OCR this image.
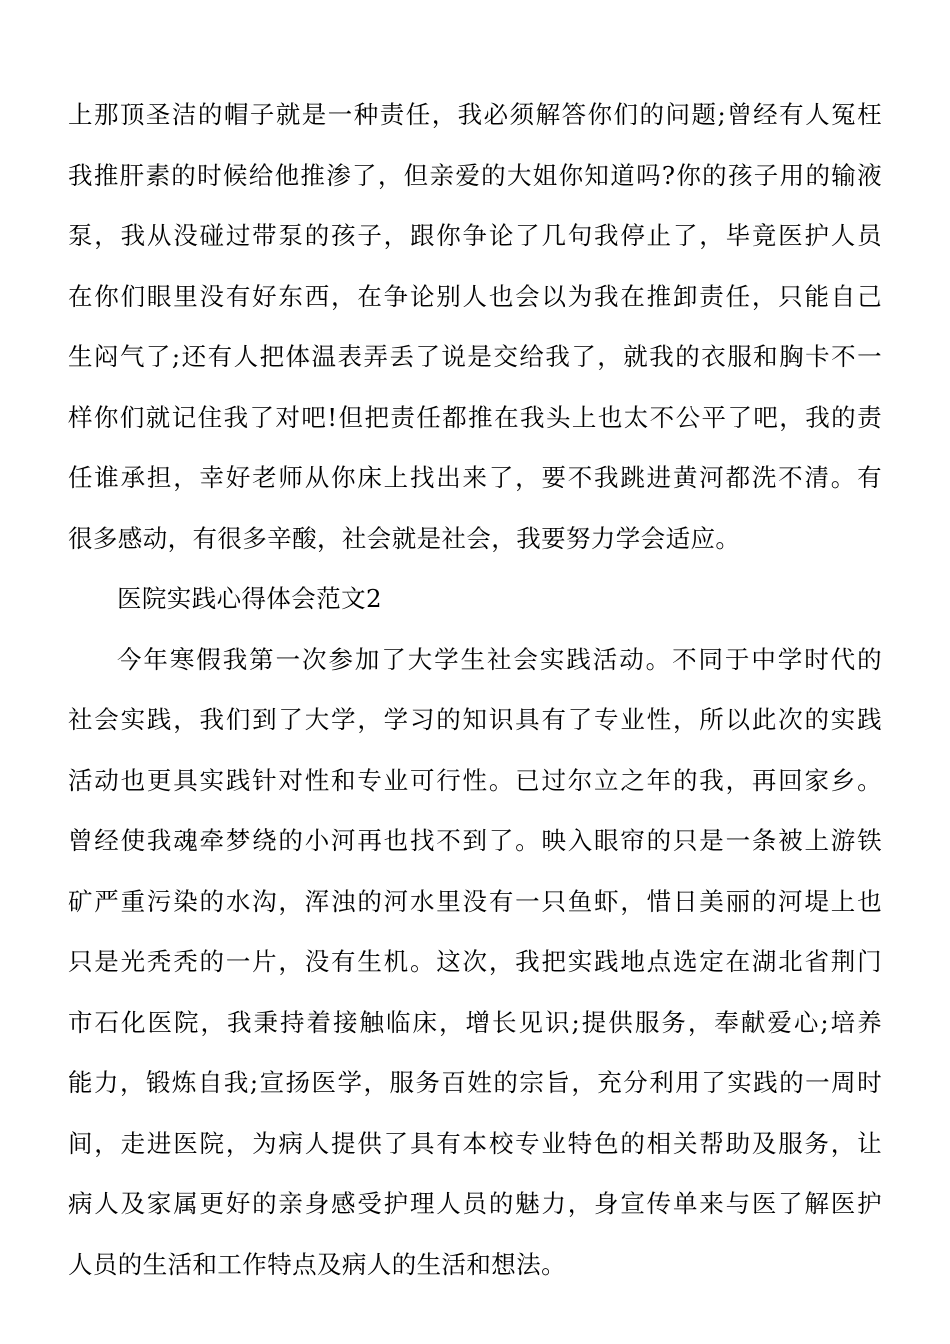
上那顶圣洁的帽子就是一种责任，我必须解答你们的问题;曾经有人冤枉
我推肝素的时候给他推渗了，但亲爱的大姐你知道吗?你的孩子用的输液
泵，我从没碰过带泵的孩子，跟你争论了几句我停止了，毕竟医护人员
在你们眼里没有好东西，在争论别人也会以为我在推卸责任，只能自己
生闷气了;还有人把体温表弄丢了说是交给我了，就我的衣服和胸卡不一
样你们就记住我了对吧!但把责任都推在我头上也太不公平了吧，我的责
任谁承担，幸好老师从你床上找出来了，要不我跳进黄河都洗不清。有
很多感动，有很多辛酸，社会就是社会，我要努力学会适应。
医院实践心得体会范文2
今年寒假我第一次参加了大学生社会实践活动。不同于中学时代的
社会实践，我们到了大学，学习的知识具有了专业性，所以此次的实践
活动也更具实践针对性和专业可行性。已过尔立之年的我，再回家乡。
曾经使我魂牵梦绕的小河再也找不到了。映入眼帘的只是一条被上游铁
矿严重污染的水沟，浑浊的河水里没有一只鱼虾，惜日美丽的河堤上也
只是光秃秃的一片，没有生机。这次，我把实践地点选定在湖北省荆门
市石化医院，我秉持着接触临床，增长见识;提供服务，奉献爱心;培养
能力，锻炼自我;宣扬医学，服务百姓的宗旨，充分利用了实践的一周时
间，走进医院，为病人提供了具有本校专业特色的相关帮助及服务，让
病人及家属更好的亲身感受护理人员的魅力，身宣传单来与医了解医护
人员的生活和工作特点及病人的生活和想法。
